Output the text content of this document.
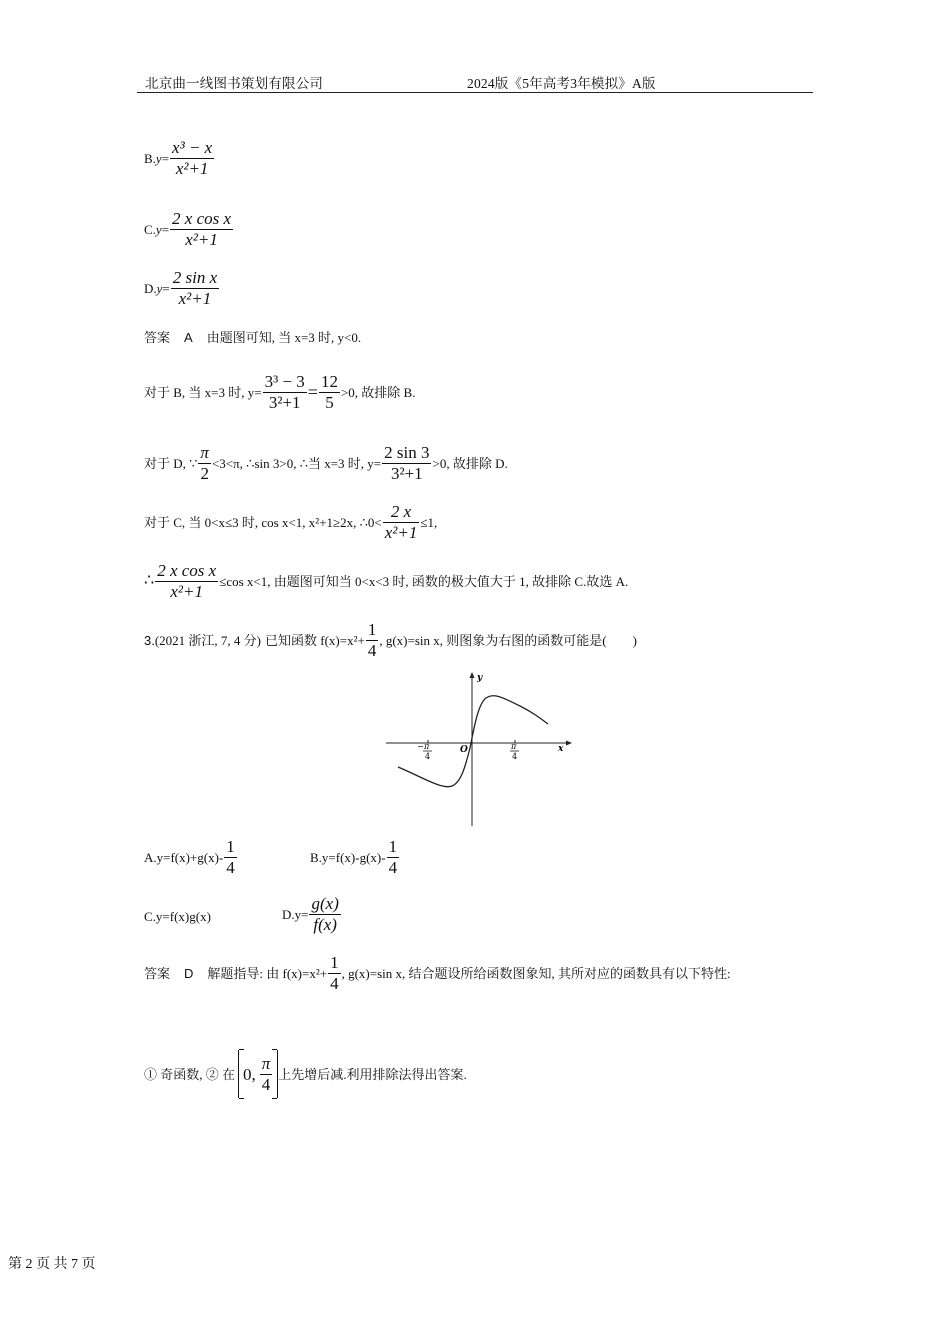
北京曲一线图书策划有限公司	2024版《5年高考3年模拟》A版
B. $y = \frac{\text{x³ − x}}{\text{x²+1}}$
C. $y = \frac{\text{2 x cos x}}{\text{x²+1}}$
D. $y = \frac{\text{2 sin x}}{\text{x²+1}}$
答案 A 由题图可知, 当 x=3 时, y<0.
对于 B, 当 x=3 时, $y= \frac{\text{3³ − 3}}{\text{3²+1}} = \frac{12}{5} >0$, 故排除 B.
对于 D, ∵ $\frac{\pi}{2} <3<\pi$, ∴sin 3>0, ∴当 x=3 时, $y= \frac{2 \sin 3}{\text{3²+1}} >0$, 故排除 D.
对于 C, 当 0<x≤3 时, cos x<1, x²+1≥2x, ∴0< $\frac{2 x}{\text{x²+1}} \le 1$,
∴ $\frac{\text{2 x cos x}}{\text{x²+1}} \le\cos$ x<1, 由题图可知当 0<x<3 时, 函数的极大值大于 1, 故排除 C.故选 A.
3. (2021 浙江, 7, 4 分) 已知函数 $f(x)=x^2+ \frac{1}{4}$ , g(x)=sin x, 则图象为右图的函数可能是(　　)
y
x
O
− π
4
π
4
$A.y=f(x)+g(x)- \frac{1}{4}$	$B.y=f(x)-g(x)- \frac{1}{4}$
C.y=f(x)g(x)	$D.y= \frac{g(x)}{f(x)}$
答案 D 解题指导: 由 $f(x)=x^2+ \frac{1}{4}$ , g(x)=sin x, 结合题设所给函数图象知, 其所对应的函数具有以下特性:
① 奇函数, ② 在 0 , $\frac{\pi}{4}$ 上先增后减.利用排除法得出答案.
第 2 页 共 7 页
